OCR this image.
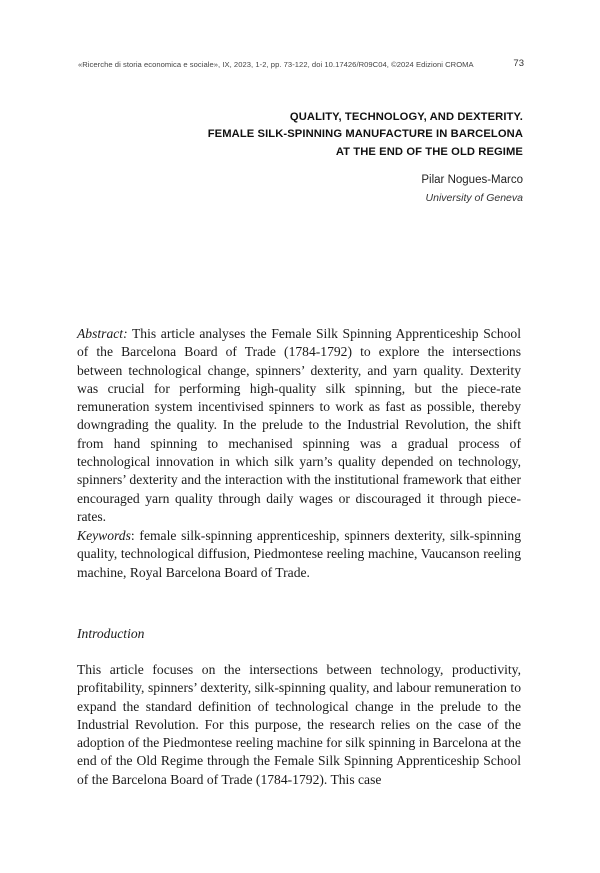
«Ricerche di storia economica e sociale», IX, 2023, 1-2, pp. 73-122, doi 10.17426/R09C04, ©2024 Edizioni CROMA	73
QUALITY, TECHNOLOGY, AND DEXTERITY.
FEMALE SILK-SPINNING MANUFACTURE IN BARCELONA
AT THE END OF THE OLD REGIME
Pilar Nogues-Marco
University of Geneva

Abstract: This article analyses the Female Silk Spinning Apprenticeship School of the Barcelona Board of Trade (1784-1792) to explore the intersections between technological change, spinners’ dexterity, and yarn quality. Dexterity was crucial for performing high-quality silk spinning, but the piece-rate remuneration system incentivised spinners to work as fast as possible, thereby downgrading the quality. In the prelude to the Industrial Revolution, the shift from hand spinning to mechanised spinning was a gradual process of technological innovation in which silk yarn’s quality depended on technology, spinners’ dexterity and the interaction with the institutional framework that either encouraged yarn quality through daily wages or discouraged it through piece-rates.

Keywords: female silk-spinning apprenticeship, spinners dexterity, silk-spinning quality, technological diffusion, Piedmontese reeling machine, Vaucanson reeling machine, Royal Barcelona Board of Trade.

Introduction

This article focuses on the intersections between technology, productivity, profitability, spinners’ dexterity, silk-spinning quality, and labour remuneration to expand the standard definition of technological change in the prelude to the Industrial Revolution. For this purpose, the research relies on the case of the adoption of the Piedmontese reeling machine for silk spinning in Barcelona at the end of the Old Regime through the Female Silk Spinning Apprenticeship School of the Barcelona Board of Trade (1784-1792). This case
